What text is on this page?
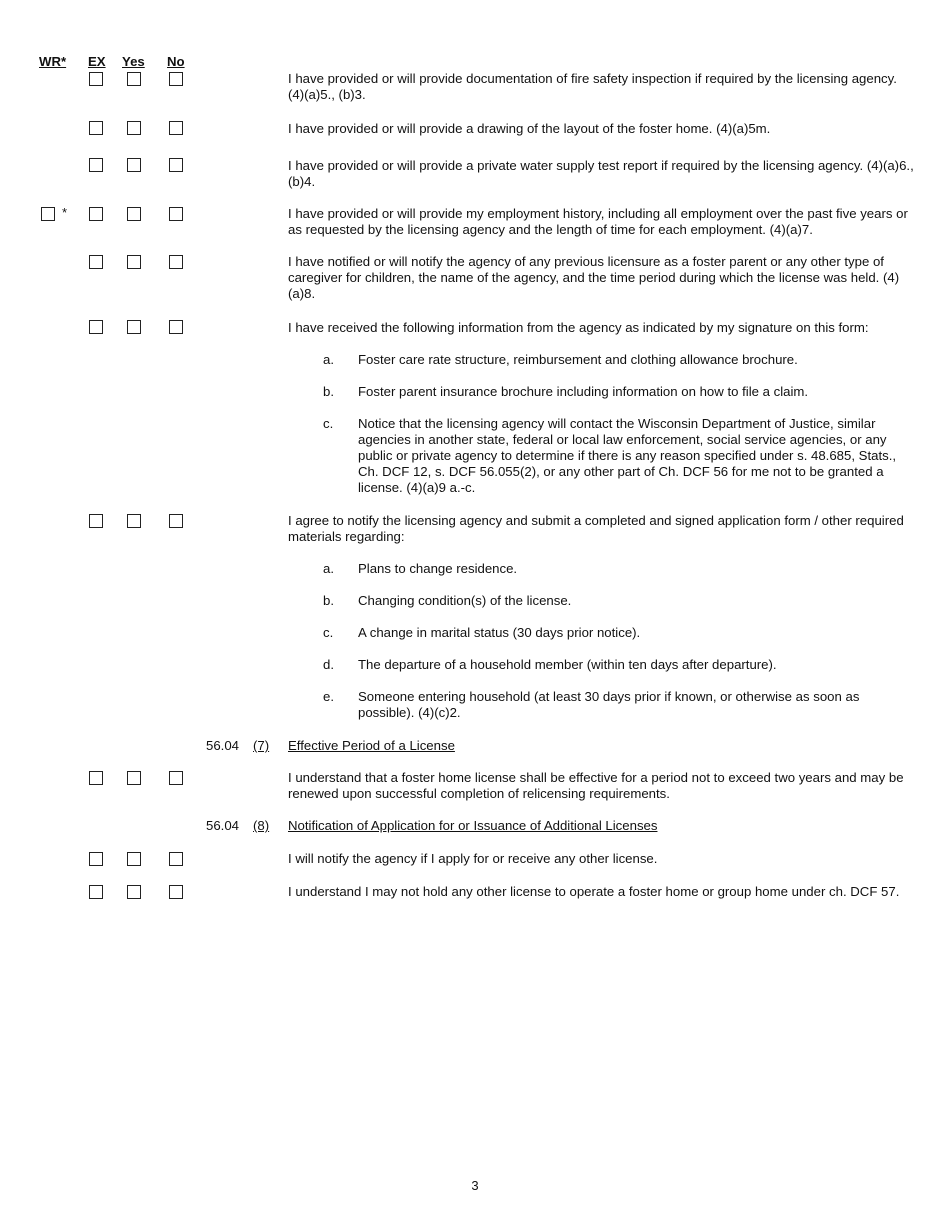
WR* EX Yes No
I have provided or will provide documentation of fire safety inspection if required by the licensing agency. (4)(a)5., (b)3.
I have provided or will provide a drawing of the layout of the foster home. (4)(a)5m.
I have provided or will provide a private water supply test report if required by the licensing agency. (4)(a)6., (b)4.
*	I have provided or will provide my employment history, including all employment over the past five years or as requested by the licensing agency and the length of time for each employment. (4)(a)7.
I have notified or will notify the agency of any previous licensure as a foster parent or any other type of caregiver for children, the name of the agency, and the time period during which the license was held. (4)(a)8.
I have received the following information from the agency as indicated by my signature on this form:
a. Foster care rate structure, reimbursement and clothing allowance brochure.
b. Foster parent insurance brochure including information on how to file a claim.
c. Notice that the licensing agency will contact the Wisconsin Department of Justice, similar agencies in another state, federal or local law enforcement, social service agencies, or any public or private agency to determine if there is any reason specified under s. 48.685, Stats., Ch. DCF 12, s. DCF 56.055(2), or any other part of Ch. DCF 56 for me not to be granted a license. (4)(a)9 a.-c.
I agree to notify the licensing agency and submit a completed and signed application form / other required materials regarding:
a. Plans to change residence.
b. Changing condition(s) of the license.
c. A change in marital status (30 days prior notice).
d. The departure of a household member (within ten days after departure).
e. Someone entering household (at least 30 days prior if known, or otherwise as soon as possible). (4)(c)2.
56.04 (7) Effective Period of a License
I understand that a foster home license shall be effective for a period not to exceed two years and may be renewed upon successful completion of relicensing requirements.
56.04 (8) Notification of Application for or Issuance of Additional Licenses
I will notify the agency if I apply for or receive any other license.
I understand I may not hold any other license to operate a foster home or group home under ch. DCF 57.
3
